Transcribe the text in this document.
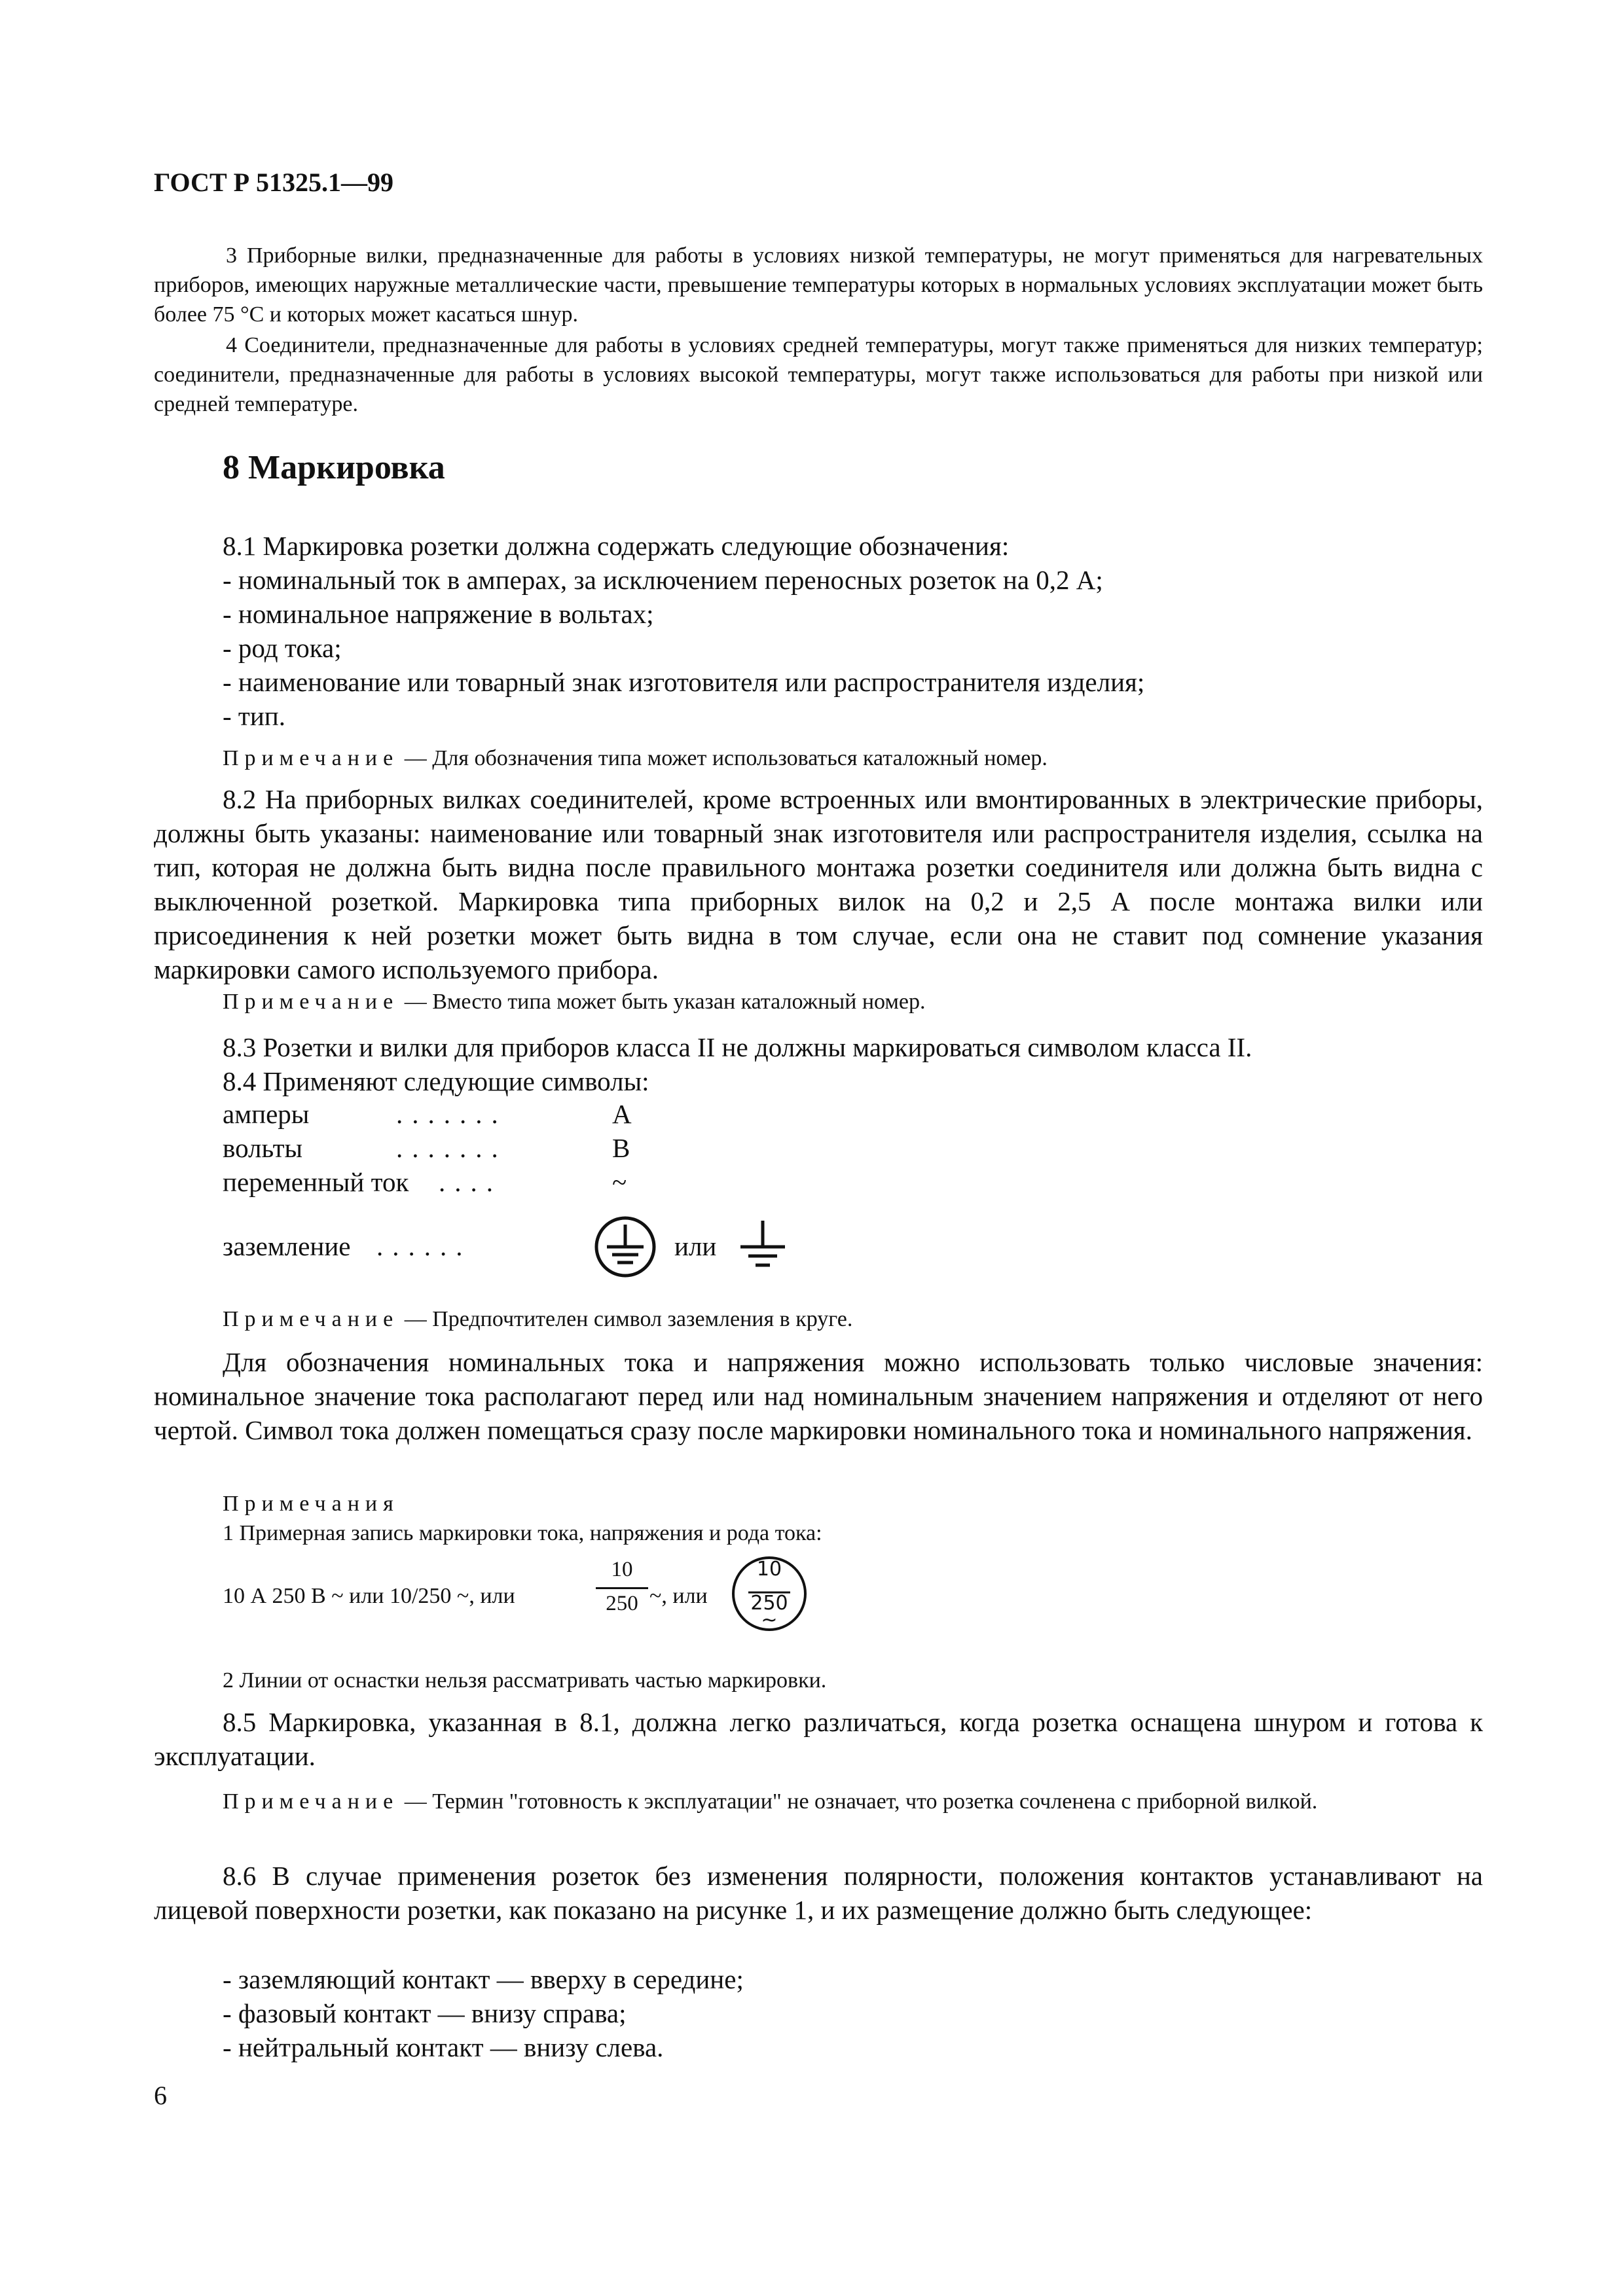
ГОСТ Р 51325.1—99
3 Приборные вилки, предназначенные для работы в условиях низкой температуры, не могут применяться для нагревательных приборов, имеющих наружные металлические части, превышение температуры которых в нормальных условиях эксплуатации может быть более 75 °С и которых может касаться шнур.
4 Соединители, предназначенные для работы в условиях средней температуры, могут также применяться для низких температур; соединители, предназначенные для работы в условиях высокой температуры, могут также использоваться для работы при низкой или средней температуре.
8 Маркировка
8.1 Маркировка розетки должна содержать следующие обозначения:
- номинальный ток в амперах, за исключением переносных розеток на 0,2 А;
- номинальное напряжение в вольтах;
- род тока;
- наименование или товарный знак изготовителя или распространителя изделия;
- тип.
Примечание — Для обозначения типа может использоваться каталожный номер.
8.2 На приборных вилках соединителей, кроме встроенных или вмонтированных в электрические приборы, должны быть указаны: наименование или товарный знак изготовителя или распространителя изделия, ссылка на тип, которая не должна быть видна после правильного монтажа розетки соединителя или должна быть видна с выключенной розеткой. Маркировка типа приборных вилок на 0,2 и 2,5 А после монтажа вилки или присоединения к ней розетки может быть видна в том случае, если она не ставит под сомнение указания маркировки самого используемого прибора.
Примечание — Вместо типа может быть указан каталожный номер.
8.3 Розетки и вилки для приборов класса II не должны маркироваться символом класса II.
8.4 Применяют следующие символы:
амперы	.......	А
вольты	.......	В
переменный ток ....	~
заземление ......	или
Примечание — Предпочтителен символ заземления в круге.
Для обозначения номинальных тока и напряжения можно использовать только числовые значения: номинальное значение тока располагают перед или над номинальным значением напряжения и отделяют от него чертой. Символ тока должен помещаться сразу после маркировки номинального тока и номинального напряжения.
Примечания
1 Примерная запись маркировки тока, напряжения и рода тока:
10 А 250 В ~ или 10/250 ~, или
10
250 ~, или
10
250
~
2 Линии от оснастки нельзя рассматривать частью маркировки.
8.5 Маркировка, указанная в 8.1, должна легко различаться, когда розетка оснащена шнуром и готова к эксплуатации.
Примечание — Термин "готовность к эксплуатации" не означает, что розетка сочленена с приборной вилкой.
8.6 В случае применения розеток без изменения полярности, положения контактов устанавливают на лицевой поверхности розетки, как показано на рисунке 1, и их размещение должно быть следующее:
- заземляющий контакт — вверху в середине;
- фазовый контакт — внизу справа;
- нейтральный контакт — внизу слева.
6
